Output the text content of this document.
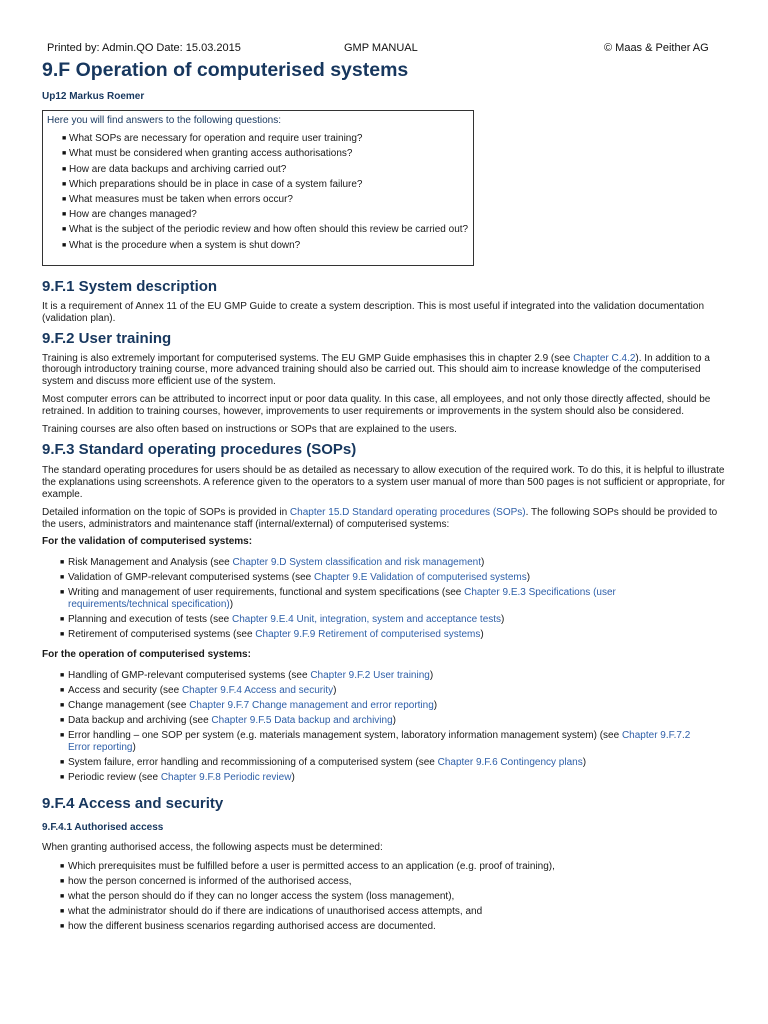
Printed by: Admin.QO Date: 15.03.2015	GMP MANUAL	© Maas & Peither AG
9.F Operation of computerised systems
Up12 Markus Roemer
Here you will find answers to the following questions:
■ What SOPs are necessary for operation and require user training?
■ What must be considered when granting access authorisations?
■ How are data backups and archiving carried out?
■ Which preparations should be in place in case of a system failure?
■ What measures must be taken when errors occur?
■ How are changes managed?
■ What is the subject of the periodic review and how often should this review be carried out?
■ What is the procedure when a system is shut down?
9.F.1 System description

It is a requirement of Annex 11 of the EU GMP Guide to create a system description. This is most useful if integrated into the validation documentation (validation plan).

9.F.2 User training

Training is also extremely important for computerised systems. The EU GMP Guide emphasises this in chapter 2.9 (see Chapter C.4.2). In addition to a thorough introductory training course, more advanced training should also be carried out. This should aim to increase knowledge of the computerised system and discuss more efficient use of the system.

Most computer errors can be attributed to incorrect input or poor data quality. In this case, all employees, and not only those directly affected, should be retrained. In addition to training courses, however, improvements to user requirements or improvements in the system should also be considered.

Training courses are also often based on instructions or SOPs that are explained to the users.

9.F.3 Standard operating procedures (SOPs)

The standard operating procedures for users should be as detailed as necessary to allow execution of the required work. To do this, it is helpful to illustrate the explanations using screenshots. A reference given to the operators to a system user manual of more than 500 pages is not sufficient or appropriate, for example.

Detailed information on the topic of SOPs is provided in Chapter 15.D Standard operating procedures (SOPs). The following SOPs should be provided to the users, administrators and maintenance staff (internal/external) of computerised systems:

For the validation of computerised systems:
■ Risk Management and Analysis (see Chapter 9.D System classification and risk management)
■ Validation of GMP-relevant computerised systems (see Chapter 9.E Validation of computerised systems)
■ Writing and management of user requirements, functional and system specifications (see Chapter 9.E.3 Specifications (user requirements/technical specification))
■ Planning and execution of tests (see Chapter 9.E.4 Unit, integration, system and acceptance tests)
■ Retirement of computerised systems (see Chapter 9.F.9 Retirement of computerised systems)
For the operation of computerised systems:
■ Handling of GMP-relevant computerised systems (see Chapter 9.F.2 User training)
■ Access and security (see Chapter 9.F.4 Access and security)
■ Change management (see Chapter 9.F.7 Change management and error reporting)
■ Data backup and archiving (see Chapter 9.F.5 Data backup and archiving)
■ Error handling – one SOP per system (e.g. materials management system, laboratory information management system) (see Chapter 9.F.7.2 Error reporting)
■ System failure, error handling and recommissioning of a computerised system (see Chapter 9.F.6 Contingency plans)
■ Periodic review (see Chapter 9.F.8 Periodic review)
9.F.4 Access and security
9.F.4.1 Authorised access

When granting authorised access, the following aspects must be determined:

■ Which prerequisites must be fulfilled before a user is permitted access to an application (e.g. proof of training),
■ how the person concerned is informed of the authorised access,
■ what the person should do if they can no longer access the system (loss management),
■ what the administrator should do if there are indications of unauthorised access attempts, and
■ how the different business scenarios regarding authorised access are documented.
